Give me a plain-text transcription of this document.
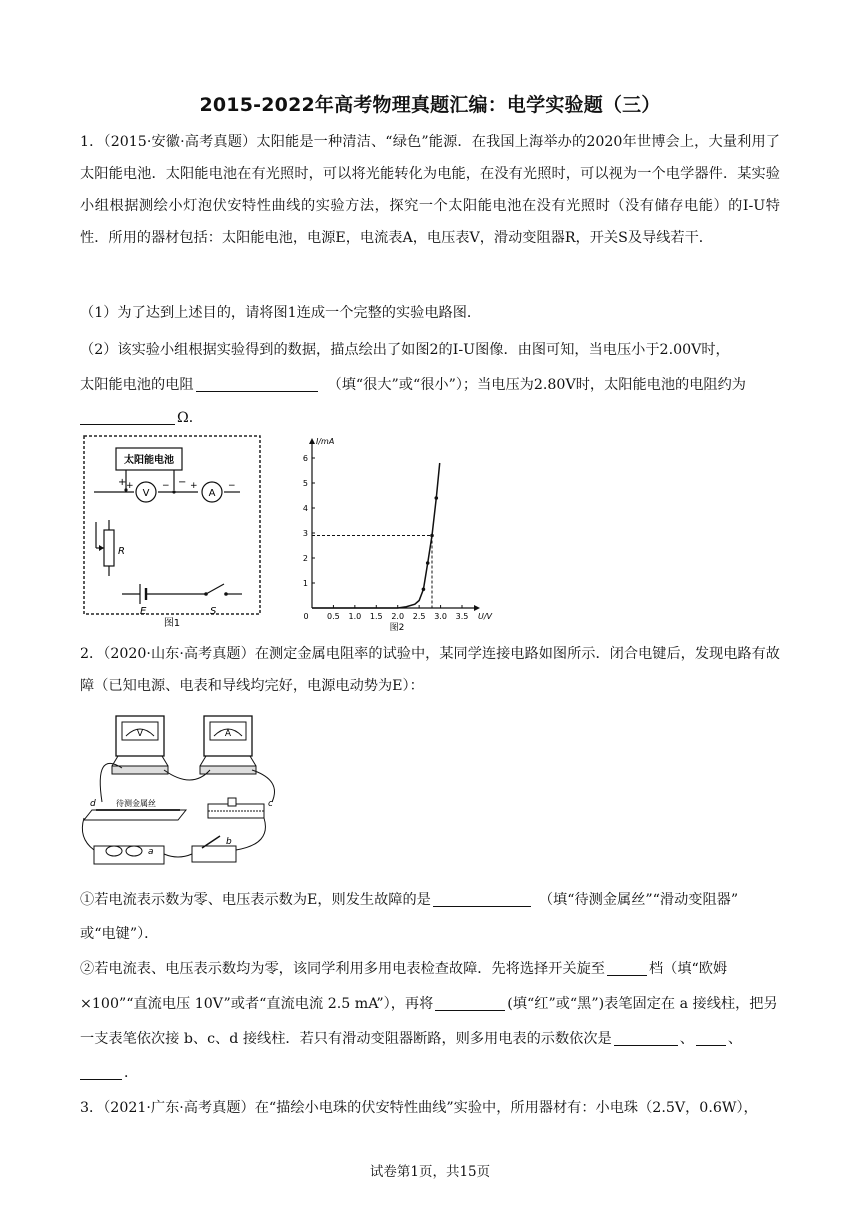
2015-2022年高考物理真题汇编：电学实验题（三）
1．（2015·安徽·高考真题）太阳能是一种清洁、“绿色”能源．在我国上海举办的2020年世博会上，大量利用了太阳能电池．太阳能电池在有光照时，可以将光能转化为电能，在没有光照时，可以视为一个电学器件．某实验小组根据测绘小灯泡伏安特性曲线的实验方法，探究一个太阳能电池在没有光照时（没有储存电能）的I-U特性．所用的器材包括：太阳能电池，电源E，电流表A，电压表V，滑动变阻器R，开关S及导线若干．
（1）为了达到上述目的，请将图1连成一个完整的实验电路图．
（2）该实验小组根据实验得到的数据，描点绘出了如图2的I-U图像．由图可知，当电压小于2.00V时，
太阳能电池的电阻	（填“很大”或“很小”）；当电压为2.80V时，太阳能电池的电阻约为
Ω．
太阳能电池
+	−
V
+	−
A
+	−
R
E	S
图1
0.5 1.0 1.5 2.0 2.5 3.0 3.5
1
2
3
4
5
6
0
I/mA
U/V
图2
2．（2020·山东·高考真题）在测定金属电阻率的试验中，某同学连接电路如图所示．闭合电键后，发现电路有故障（已知电源、电表和导线均完好，电源电动势为E）：
V	A
待测金属丝
d	c
a
b
①若电流表示数为零、电压表示数为E，则发生故障的是	（填“待测金属丝”“滑动变阻器”
或“电键”）．
②若电流表、电压表示数均为零，该同学利用多用电表检查故障．先将选择开关旋至	档（填“欧姆
×100”“直流电压 10V”或者“直流电流 2.5 mA”），再将	(填“红”或“黑”)表笔固定在 a 接线柱，把另
一支表笔依次接 b、c、d 接线柱．若只有滑动变阻器断路，则多用电表的示数依次是	、 、
．
3．（2021·广东·高考真题）在“描绘小电珠的伏安特性曲线”实验中，所用器材有：小电珠（2.5V，0.6W），
试卷第1页，共15页
